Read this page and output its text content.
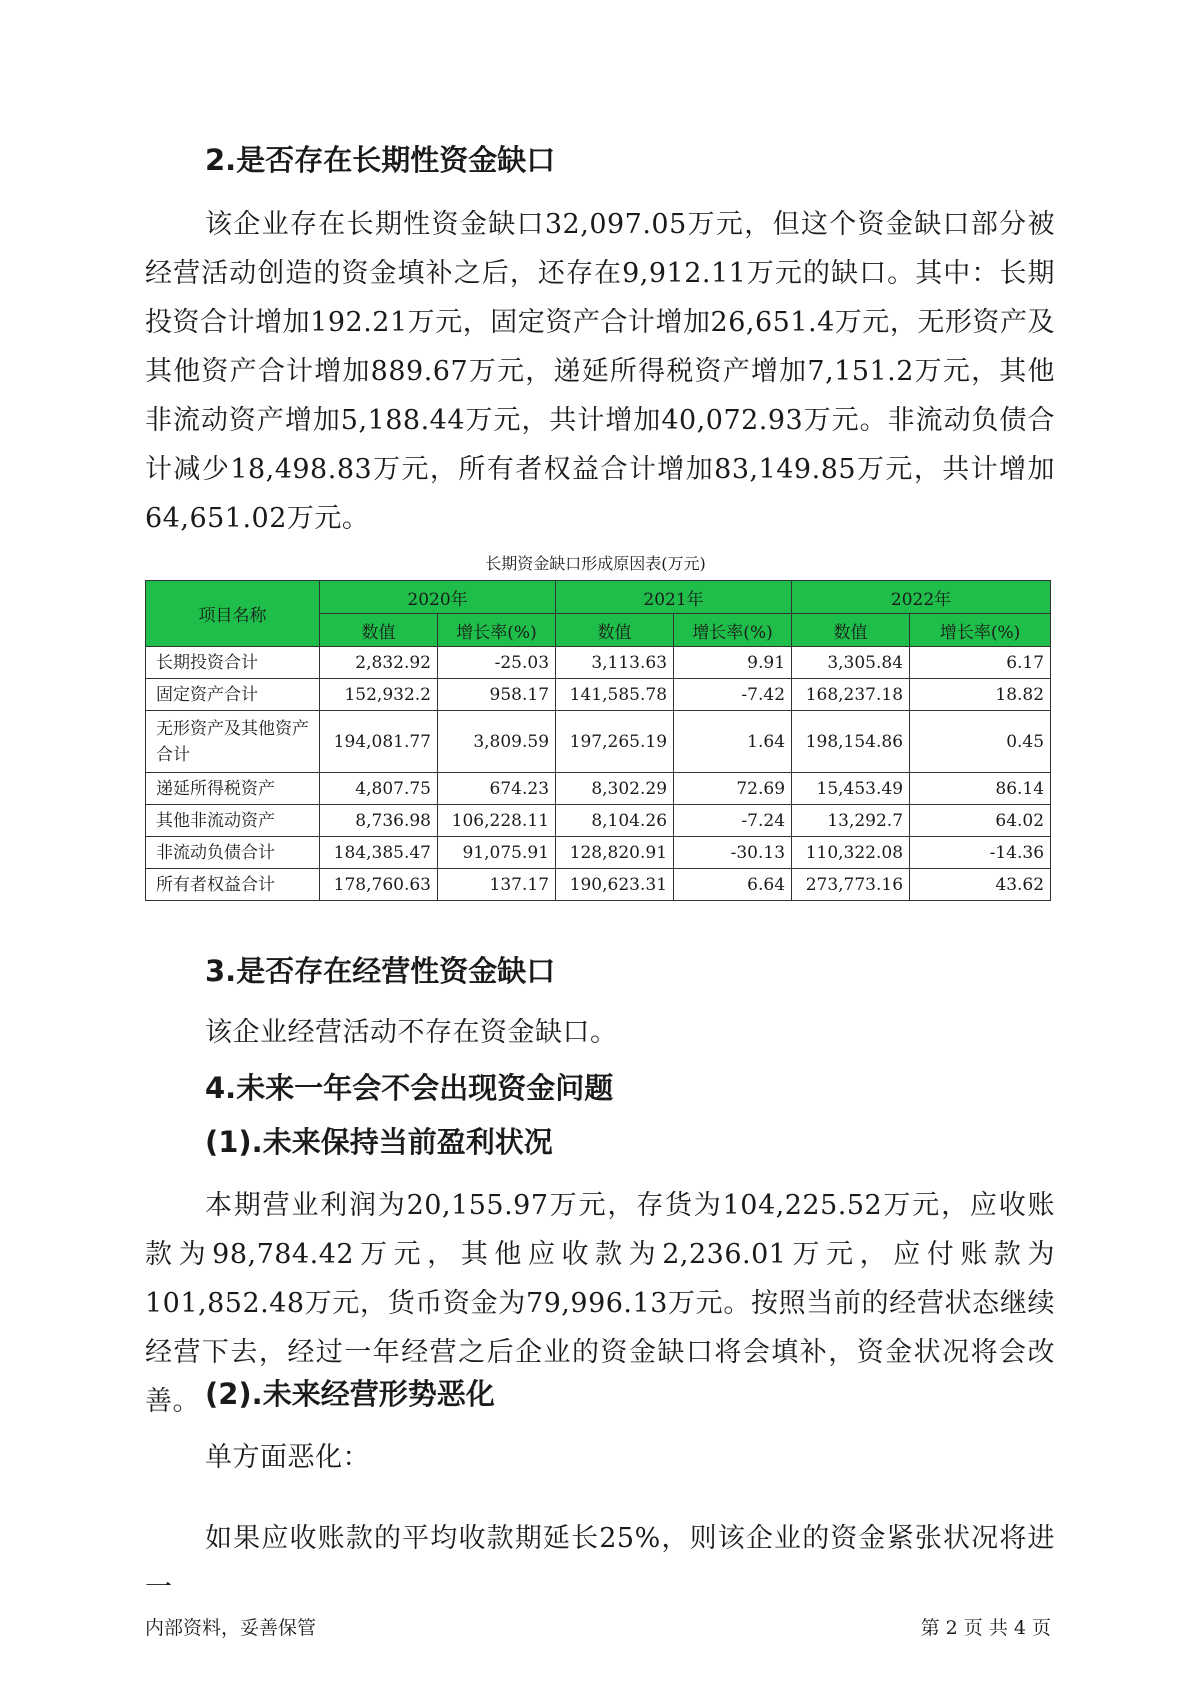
2.是否存在长期性资金缺口

该企业存在长期性资金缺口32,097.05万元，但这个资金缺口部分被经营活动创造的资金填补之后，还存在9,912.11万元的缺口。其中：长期投资合计增加192.21万元，固定资产合计增加26,651.4万元，无形资产及其他资产合计增加889.67万元，递延所得税资产增加7,151.2万元，其他非流动资产增加5,188.44万元，共计增加40,072.93万元。非流动负债合计减少18,498.83万元，所有者权益合计增加83,149.85万元，共计增加64,651.02万元。

长期资金缺口形成原因表(万元)
项目名称	2020年		2021年		2022年	
	数值	增长率(%)	数值	增长率(%)	数值	增长率(%)
长期投资合计	2,832.92	-25.03	3,113.63	9.91	3,305.84	6.17
固定资产合计	152,932.2	958.17	141,585.78	-7.42	168,237.18	18.82
无形资产及其他资产合计	194,081.77	3,809.59	197,265.19	1.64	198,154.86	0.45
递延所得税资产	4,807.75	674.23	8,302.29	72.69	15,453.49	86.14
其他非流动资产	8,736.98	106,228.11	8,104.26	-7.24	13,292.7	64.02
非流动负债合计	184,385.47	91,075.91	128,820.91	-30.13	110,322.08	-14.36
所有者权益合计	178,760.63	137.17	190,623.31	6.64	273,773.16	43.62
3.是否存在经营性资金缺口

该企业经营活动不存在资金缺口。

4.未来一年会不会出现资金问题
(1).未来保持当前盈利状况

本期营业利润为20,155.97万元，存货为104,225.52万元，应收账款为98,784.42万元，其他应收款为2,236.01万元，应付账款为101,852.48万元，货币资金为79,996.13万元。按照当前的经营状态继续经营下去，经过一年经营之后企业的资金缺口将会填补，资金状况将会改善。 (2).未来经营形势恶化

单方面恶化：

如果应收账款的平均收款期延长25%，则该企业的资金紧张状况将进一

内部资料，妥善保管	第 2 页 共 4 页
